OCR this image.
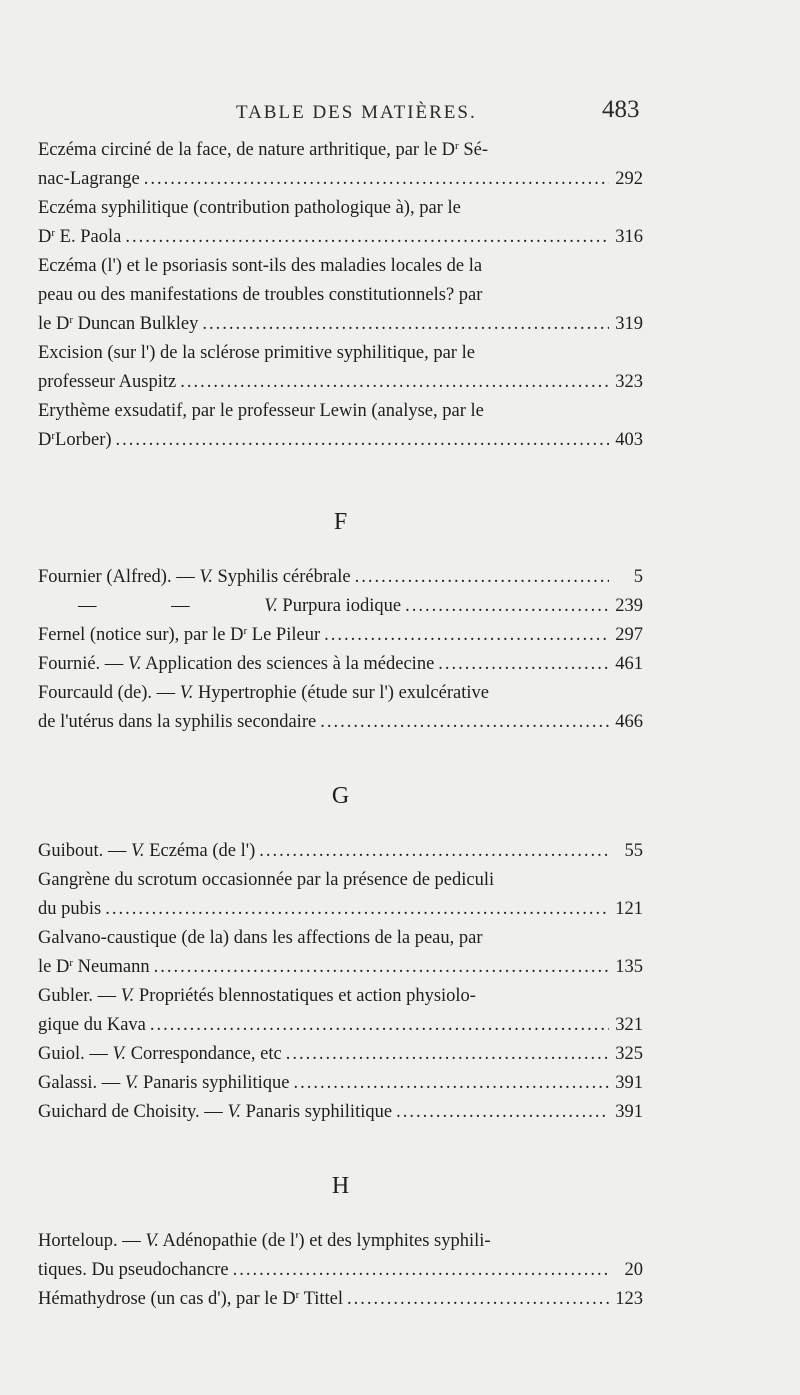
TABLE DES MATIÈRES.	483
Eczéma circiné de la face, de nature arthritique, par le $D^r$ Sé-
nac-Lagrange .....	292
Eczéma syphilitique (contribution pathologique à), par le
$D^r$ E. Paola .....	316
Eczéma (l') et le psoriasis sont-ils des maladies locales de la
peau ou des manifestations de troubles constitutionnels? par
le $D^r$ Duncan Bulkley .....	319
Excision (sur l') de la sclérose primitive syphilitique, par le
professeur Auspitz .....	323
Erythème exsudatif, par le professeur Lewin (analyse, par le
$D^rLorber$) .....	403
F
Fournier (Alfred). — V. Syphilis cérébrale .....	5
— — V. Purpura iodique .....	239
Fernel (notice sur), par le $D^r$ Le Pileur .....	297
Fournié. — V. Application des sciences à la médecine .....	461
Fourcauld (de). — V. Hypertrophie (étude sur l') exulcérative
de l'utérus dans la syphilis secondaire .....	466
G
Guibout. — V. Eczéma (de l') .....	55
Gangrène du scrotum occasionnée par la présence de pediculi
du pubis .....	121
Galvano-caustique (de la) dans les affections de la peau, par
le $D^r$ Neumann .....	135
Gubler. — V. Propriétés blennostatiques et action physiolo-
gique du Kava .....	321
Guiol. — V. Correspondance, etc .....	325
Galassi. — V. Panaris syphilitique .....	391
Guichard de Choisity. — V. Panaris syphilitique .....	391
H
Horteloup. — V. Adénopathie (de l') et des lymphites syphili-
tiques. Du pseudochancre .....	20
Hémathydrose (un cas d'), par le $D^r$ Tittel .....	123
